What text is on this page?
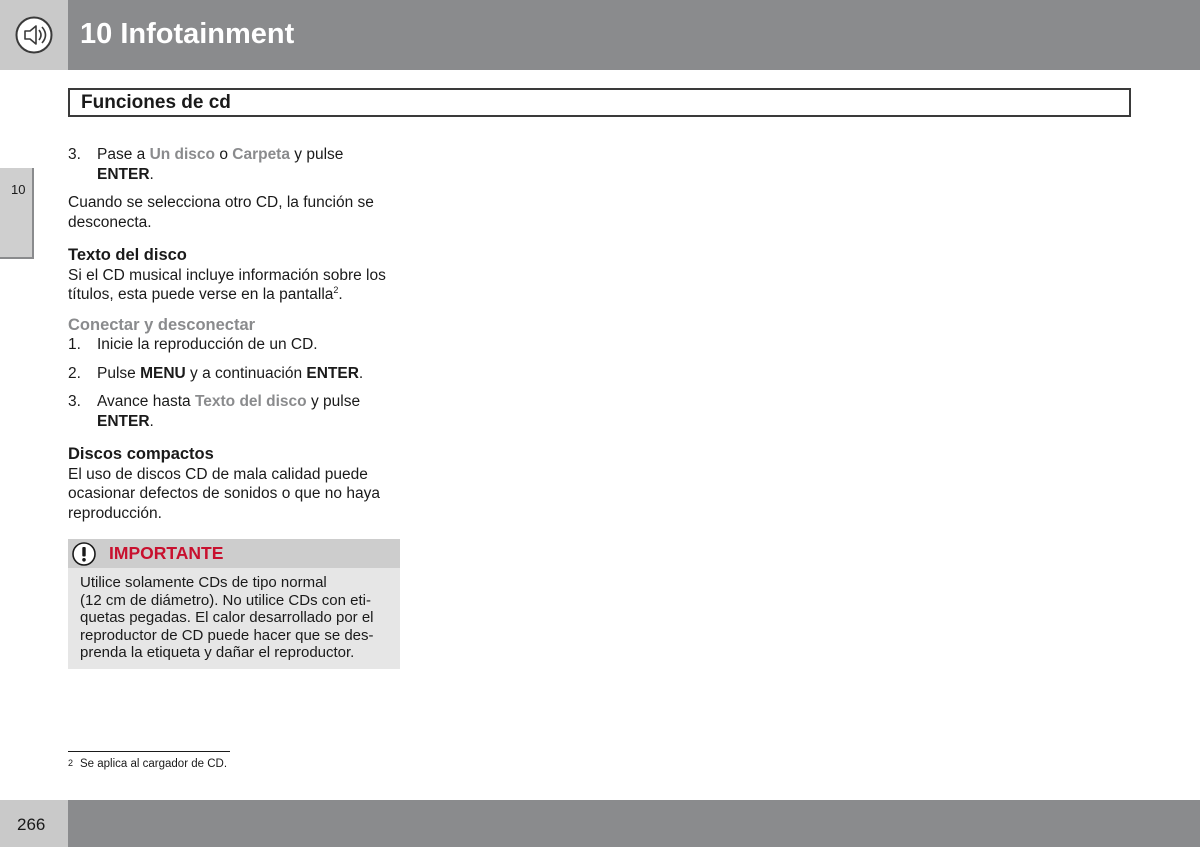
10 Infotainment
Funciones de cd
10
3.	Pase a Un disco o Carpeta y pulse
ENTER.
Cuando se selecciona otro CD, la función se desconecta.
Texto del disco
Si el CD musical incluye información sobre los títulos, esta puede verse en la pantalla$^2$.
Conectar y desconectar
1.	Inicie la reproducción de un CD.
2.	Pulse MENU y a continuación ENTER.
3.	Avance hasta Texto del disco y pulse
ENTER.
Discos compactos
El uso de discos CD de mala calidad puede ocasionar defectos de sonidos o que no haya reproducción.
IMPORTANTE
Utilice solamente CDs de tipo normal
(12 cm de diámetro). No utilice CDs con eti-
quetas pegadas. El calor desarrollado por el
reproductor de CD puede hacer que se des-
prenda la etiqueta y dañar el reproductor.
2 Se aplica al cargador de CD.
266
